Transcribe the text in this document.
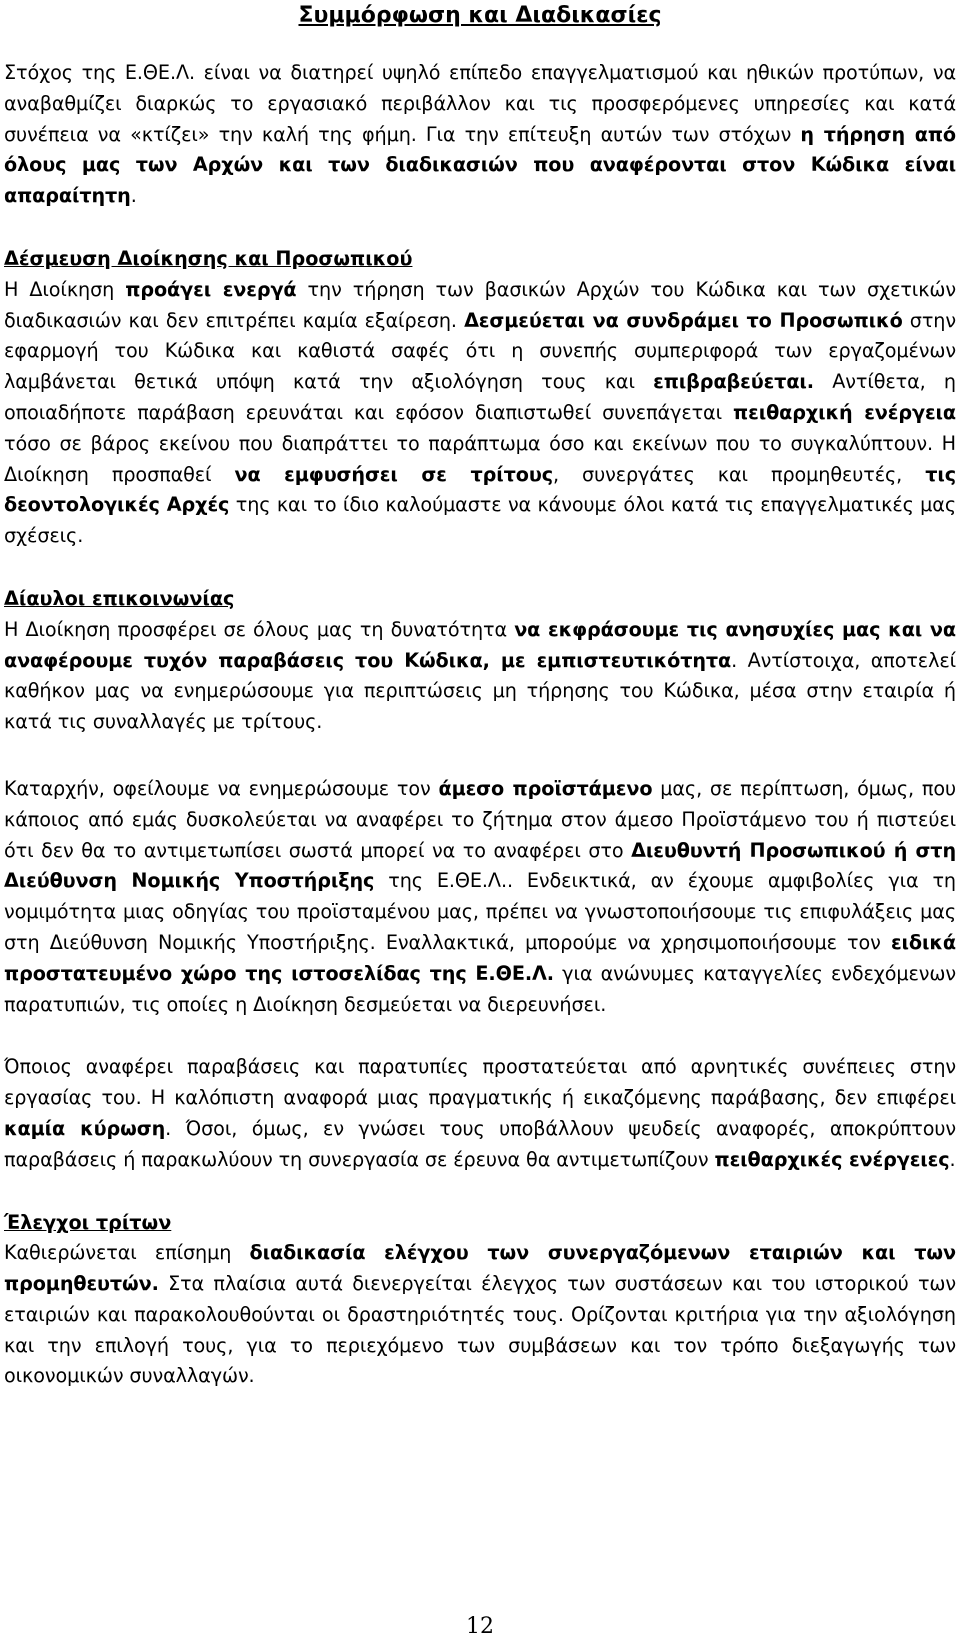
Συμμόρφωση και Διαδικασίες

Στόχος της Ε.ΘΕ.Λ. είναι να διατηρεί υψηλό επίπεδο επαγγελματισμού και ηθικών προτύπων, να αναβαθμίζει διαρκώς το εργασιακό περιβάλλον και τις προσφερόμενες υπηρεσίες και κατά συνέπεια να «κτίζει» την καλή της φήμη. Για την επίτευξη αυτών των στόχων η τήρηση από όλους μας των Αρχών και των διαδικασιών που αναφέρονται στον Κώδικα είναι απαραίτητη.

Δέσμευση Διοίκησης και Προσωπικού

Η Διοίκηση προάγει ενεργά την τήρηση των βασικών Αρχών του Κώδικα και των σχετικών διαδικασιών και δεν επιτρέπει καμία εξαίρεση. Δεσμεύεται να συνδράμει το Προσωπικό στην εφαρμογή του Κώδικα και καθιστά σαφές ότι η συνεπής συμπεριφορά των εργαζομένων λαμβάνεται θετικά υπόψη κατά την αξιολόγηση τους και επιβραβεύεται. Αντίθετα, η οποιαδήποτε παράβαση ερευνάται και εφόσον διαπιστωθεί συνεπάγεται πειθαρχική ενέργεια τόσο σε βάρος εκείνου που διαπράττει το παράπτωμα όσο και εκείνων που το συγκαλύπτουν. Η Διοίκηση προσπαθεί να εμφυσήσει σε τρίτους, συνεργάτες και προμηθευτές, τις δεοντολογικές Αρχές της και το ίδιο καλούμαστε να κάνουμε όλοι κατά τις επαγγελματικές μας σχέσεις.

Δίαυλοι επικοινωνίας

Η Διοίκηση προσφέρει σε όλους μας τη δυνατότητα να εκφράσουμε τις ανησυχίες μας και να αναφέρουμε τυχόν παραβάσεις του Κώδικα, με εμπιστευτικότητα. Αντίστοιχα, αποτελεί καθήκον μας να ενημερώσουμε για περιπτώσεις μη τήρησης του Κώδικα, μέσα στην εταιρία ή κατά τις συναλλαγές με τρίτους.

Καταρχήν, οφείλουμε να ενημερώσουμε τον άμεσο προϊστάμενο μας, σε περίπτωση, όμως, που κάποιος από εμάς δυσκολεύεται να αναφέρει το ζήτημα στον άμεσο Προϊστάμενο του ή πιστεύει ότι δεν θα το αντιμετωπίσει σωστά μπορεί να το αναφέρει στο Διευθυντή Προσωπικού ή στη Διεύθυνση Νομικής Υποστήριξης της Ε.ΘΕ.Λ.. Ενδεικτικά, αν έχουμε αμφιβολίες για τη νομιμότητα μιας οδηγίας του προϊσταμένου μας, πρέπει να γνωστοποιήσουμε τις επιφυλάξεις μας στη Διεύθυνση Νομικής Υποστήριξης. Εναλλακτικά, μπορούμε να χρησιμοποιήσουμε τον ειδικά προστατευμένο χώρο της ιστοσελίδας της Ε.ΘΕ.Λ. για ανώνυμες καταγγελίες ενδεχόμενων παρατυπιών, τις οποίες η Διοίκηση δεσμεύεται να διερευνήσει.

Όποιος αναφέρει παραβάσεις και παρατυπίες προστατεύεται από αρνητικές συνέπειες στην εργασίας του. Η καλόπιστη αναφορά μιας πραγματικής ή εικαζόμενης παράβασης, δεν επιφέρει καμία κύρωση. Όσοι, όμως, εν γνώσει τους υποβάλλουν ψευδείς αναφορές, αποκρύπτουν παραβάσεις ή παρακωλύουν τη συνεργασία σε έρευνα θα αντιμετωπίζουν πειθαρχικές ενέργειες.

Έλεγχοι τρίτων

Καθιερώνεται επίσημη διαδικασία ελέγχου των συνεργαζόμενων εταιριών και των προμηθευτών. Στα πλαίσια αυτά διενεργείται έλεγχος των συστάσεων και του ιστορικού των εταιριών και παρακολουθούνται οι δραστηριότητές τους. Ορίζονται κριτήρια για την αξιολόγηση και την επιλογή τους, για το περιεχόμενο των συμβάσεων και τον τρόπο διεξαγωγής των οικονομικών συναλλαγών.

12
